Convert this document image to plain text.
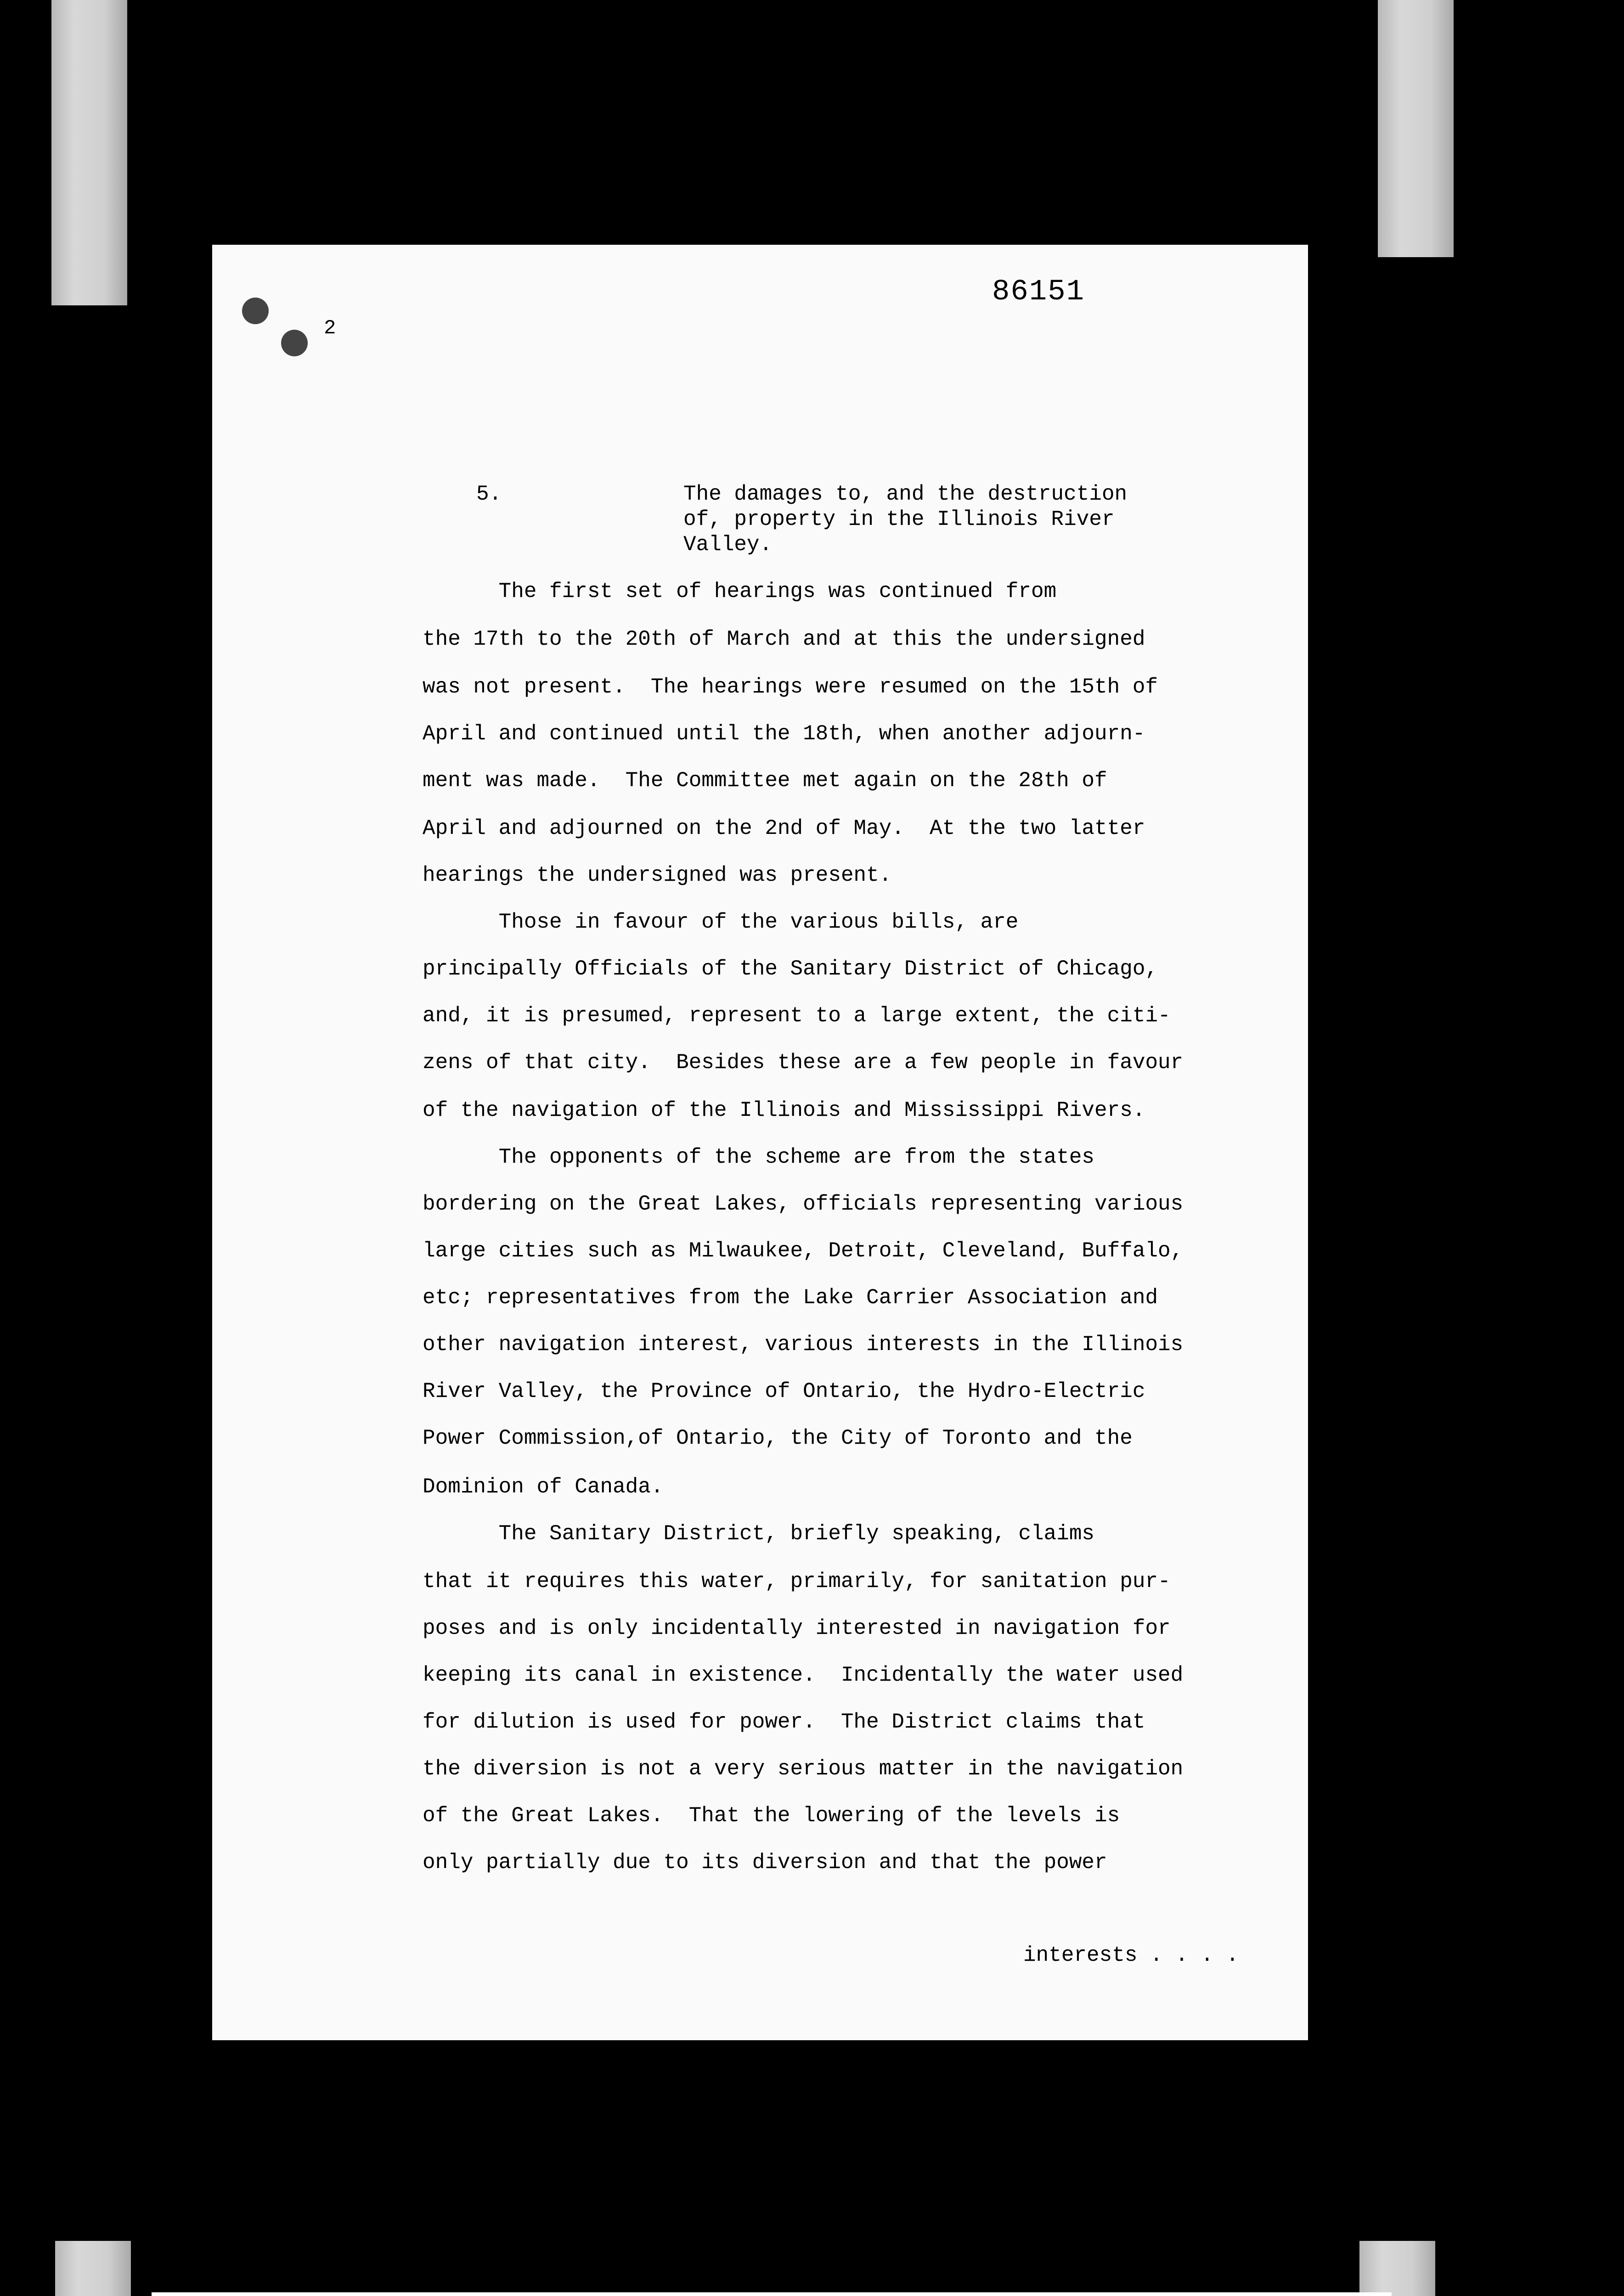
86151
2
5.	The damages to, and the destruction
of, property in the Illinois River
Valley.
The first set of hearings was continued from
the 17th to the 20th of March and at this the undersigned
was not present.  The hearings were resumed on the 15th of
April and continued until the 18th, when another adjourn-
ment was made.  The Committee met again on the 28th of
April and adjourned on the 2nd of May.  At the two latter
hearings the undersigned was present.
Those in favour of the various bills, are
principally Officials of the Sanitary District of Chicago,
and, it is presumed, represent to a large extent, the citi-
zens of that city.  Besides these are a few people in favour
of the navigation of the Illinois and Mississippi Rivers.
The opponents of the scheme are from the states
bordering on the Great Lakes, officials representing various
large cities such as Milwaukee, Detroit, Cleveland, Buffalo,
etc; representatives from the Lake Carrier Association and
other navigation interest, various interests in the Illinois
River Valley, the Province of Ontario, the Hydro-Electric
Power Commission,of Ontario, the City of Toronto and the
Dominion of Canada.
The Sanitary District, briefly speaking, claims
that it requires this water, primarily, for sanitation pur-
poses and is only incidentally interested in navigation for
keeping its canal in existence.  Incidentally the water used
for dilution is used for power.  The District claims that
the diversion is not a very serious matter in the navigation
of the Great Lakes.  That the lowering of the levels is
only partially due to its diversion and that the power
interests . . . .
